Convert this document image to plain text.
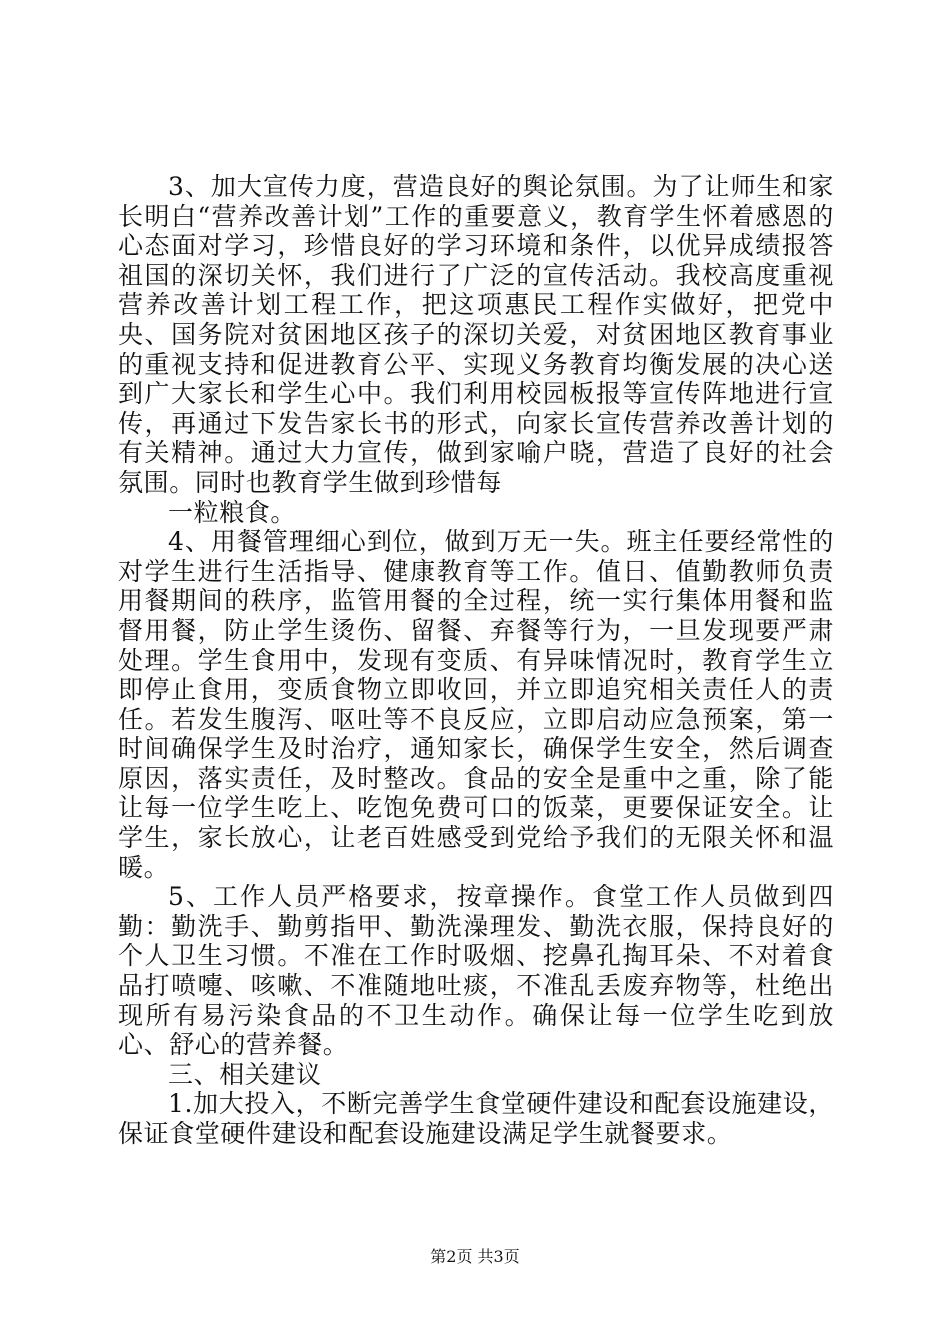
3、加大宣传力度，营造良好的舆论氛围。为了让师生和家长明白“营养改善计划”工作的重要意义，教育学生怀着感恩的心态面对学习，珍惜良好的学习环境和条件，以优异成绩报答祖国的深切关怀，我们进行了广泛的宣传活动。我校高度重视营养改善计划工程工作，把这项惠民工程作实做好，把党中央、国务院对贫困地区孩子的深切关爱，对贫困地区教育事业的重视支持和促进教育公平、实现义务教育均衡发展的决心送到广大家长和学生心中。我们利用校园板报等宣传阵地进行宣传，再通过下发告家长书的形式，向家长宣传营养改善计划的有关精神。通过大力宣传，做到家喻户晓，营造了良好的社会氛围。同时也教育学生做到珍惜每

一粒粮食。

4、用餐管理细心到位，做到万无一失。班主任要经常性的对学生进行生活指导、健康教育等工作。值日、值勤教师负责用餐期间的秩序，监管用餐的全过程，统一实行集体用餐和监督用餐，防止学生烫伤、留餐、弃餐等行为，一旦发现要严肃处理。学生食用中，发现有变质、有异味情况时，教育学生立即停止食用，变质食物立即收回，并立即追究相关责任人的责任。若发生腹泻、呕吐等不良反应，立即启动应急预案，第一时间确保学生及时治疗，通知家长，确保学生安全，然后调查原因，落实责任，及时整改。食品的安全是重中之重，除了能让每一位学生吃上、吃饱免费可口的饭菜，更要保证安全。让学生，家长放心，让老百姓感受到党给予我们的无限关怀和温暖。

5、工作人员严格要求，按章操作。食堂工作人员做到四勤：勤洗手、勤剪指甲、勤洗澡理发、勤洗衣服，保持良好的个人卫生习惯。不准在工作时吸烟、挖鼻孔掏耳朵、不对着食品打喷嚏、咳嗽、不准随地吐痰，不准乱丢废弃物等，杜绝出现所有易污染食品的不卫生动作。确保让每一位学生吃到放心、舒心的营养餐。

三、相关建议

1.加大投入，不断完善学生食堂硬件建设和配套设施建设，保证食堂硬件建设和配套设施建设满足学生就餐要求。

第2页 共3页
